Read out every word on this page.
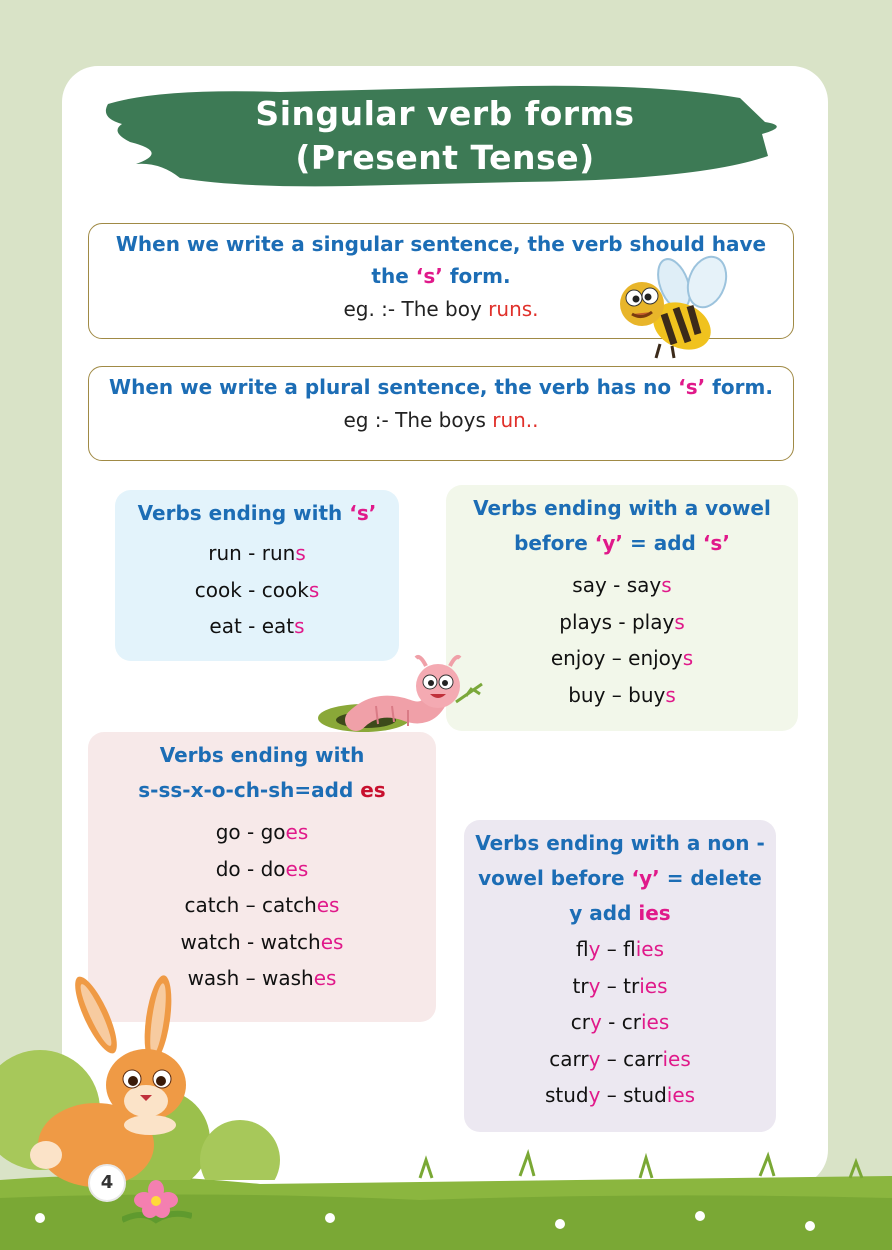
Singular verb forms
(Present Tense)
When we write a singular sentence, the verb should have
the ‘s’ form.
eg. :- The boy runs.
When we write a plural sentence, the verb has no ‘s’ form.
eg :- The boys run..
Verbs ending with ‘s’
run - runs
cook - cooks
eat - eats
Verbs ending with a vowel
before ‘y’ = add ‘s’
say - says
plays - plays
enjoy – enjoys
buy – buys
Verbs ending with
s-ss-x-o-ch-sh=add es
go - goes
do - does
catch – catches
watch - watches
wash – washes
Verbs ending with a non -
vowel before ‘y’ = delete
y add ies
fly – flies
try – tries
cry - cries
carry – carries
study – studies
4
